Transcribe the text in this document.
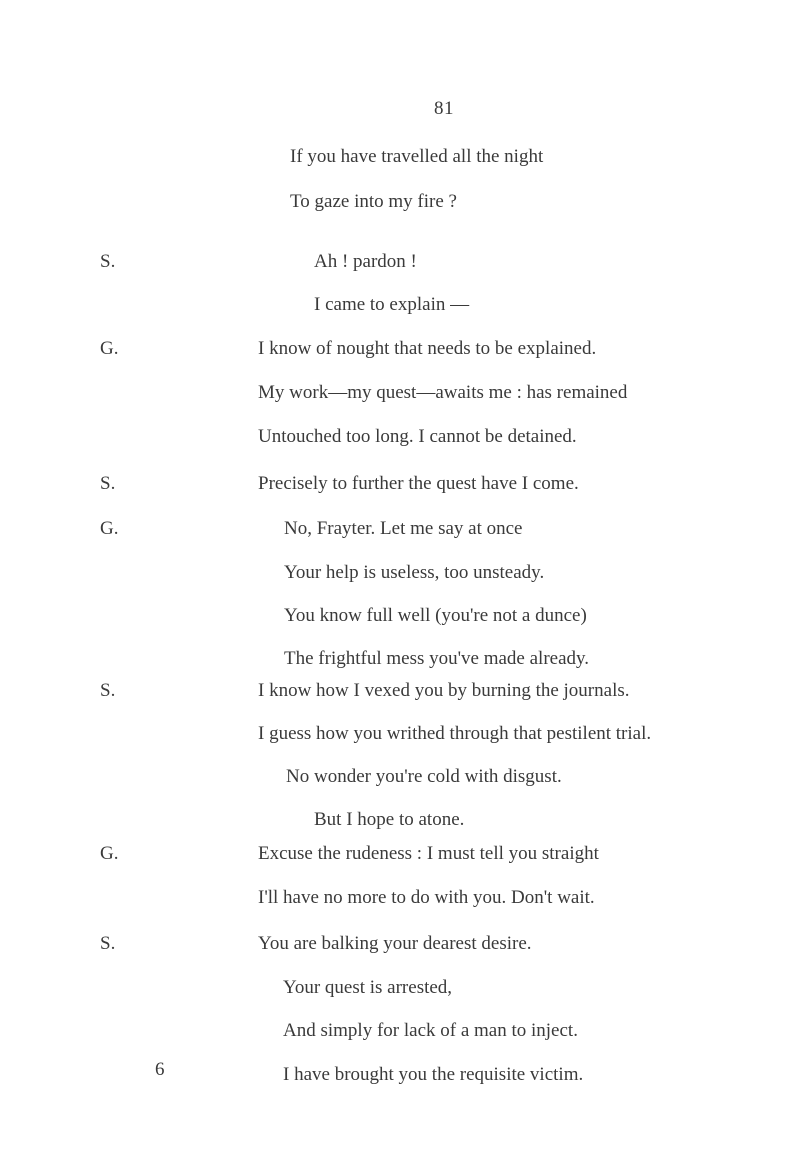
81
S.
G.
S.
G.
S.
G.
S.
If you have travelled all the night
To gaze into my fire ?
Ah ! pardon !
I came to explain —
I know of nought that needs to be explained.
My work—my quest—awaits me : has remained
Untouched too long. I cannot be detained.
Precisely to further the quest have I come.
No, Frayter. Let me say at once
Your help is useless, too unsteady.
You know full well (you're not a dunce)
The frightful mess you've made already.
I know how I vexed you by burning the journals.
I guess how you writhed through that pestilent trial.
No wonder you're cold with disgust.
But I hope to atone.
Excuse the rudeness : I must tell you straight
I'll have no more to do with you. Don't wait.
You are balking your dearest desire.
Your quest is arrested,
And simply for lack of a man to inject.
I have brought you the requisite victim.
6
